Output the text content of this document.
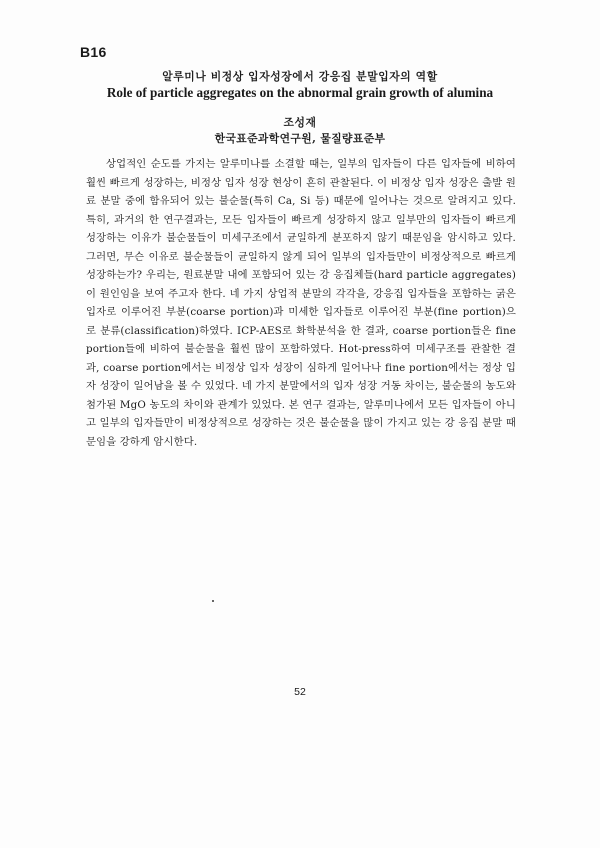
B16
알루미나 비정상 입자성장에서 강응집 분말입자의 역할
Role of particle aggregates on the abnormal grain growth of alumina
조성재
한국표준과학연구원, 물질량표준부

상업적인 순도를 가지는 알루미나를 소결할 때는, 일부의 입자들이 다른 입자들에 비하여 훨씬 빠르게 성장하는, 비정상 입자 성장 현상이 흔히 관찰된다. 이 비정상 입자 성장은 출발 원료 분말 중에 함유되어 있는 불순물(특히 Ca, Si 등) 때문에 일어나는 것으로 알려지고 있다. 특히, 과거의 한 연구결과는, 모든 입자들이 빠르게 성장하지 않고 일부만의 입자들이 빠르게 성장하는 이유가 불순물들이 미세구조에서 균일하게 분포하지 않기 때문임을 암시하고 있다. 그러면, 무슨 이유로 불순물들이 균일하지 않게 되어 일부의 입자들만이 비정상적으로 빠르게 성장하는가? 우리는, 원료분말 내에 포함되어 있는 강 응집체들(hard particle aggregates)이 원인임을 보여 주고자 한다. 네 가지 상업적 분말의 각각을, 강응집 입자들을 포함하는 굵은 입자로 이루어진 부분(coarse portion)과 미세한 입자들로 이루어진 부분(fine portion)으로 분류(classification)하였다. ICP-AES로 화학분석을 한 결과, coarse portion들은 fine portion들에 비하여 불순물을 훨씬 많이 포함하였다. Hot-press하여 미세구조를 관찰한 결과, coarse portion에서는 비정상 입자 성장이 심하게 일어나나 fine portion에서는 정상 입자 성장이 일어남을 볼 수 있었다. 네 가지 분말에서의 입자 성장 거동 차이는, 불순물의 농도와 첨가된 MgO 농도의 차이와 관계가 있었다. 본 연구 결과는, 알루미나에서 모든 입자들이 아니고 일부의 입자들만이 비정상적으로 성장하는 것은 불순물을 많이 가지고 있는 강 응집 분말 때문임을 강하게 암시한다.

52
